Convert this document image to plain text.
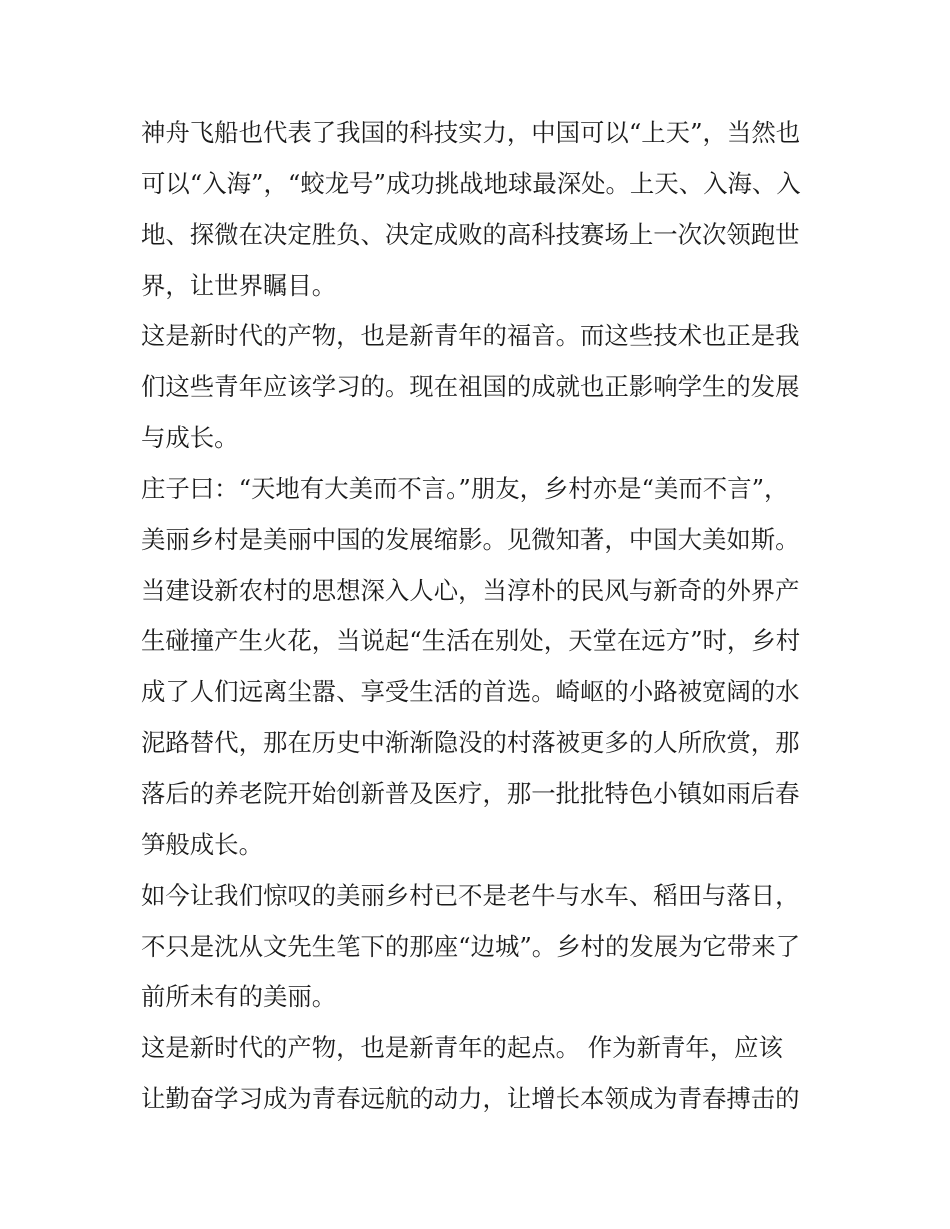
神舟飞船也代表了我国的科技实力，中国可以“上天”，当然也
可以“入海”，“蛟龙号”成功挑战地球最深处。上天、入海、入
地、探微在决定胜负、决定成败的高科技赛场上一次次领跑世
界，让世界瞩目。
这是新时代的产物，也是新青年的福音。而这些技术也正是我
们这些青年应该学习的。现在祖国的成就也正影响学生的发展
与成长。
庄子曰：“天地有大美而不言。”朋友，乡村亦是“美而不言”，
美丽乡村是美丽中国的发展缩影。见微知著，中国大美如斯。
当建设新农村的思想深入人心，当淳朴的民风与新奇的外界产
生碰撞产生火花，当说起“生活在别处，天堂在远方”时，乡村
成了人们远离尘嚣、享受生活的首选。崎岖的小路被宽阔的水
泥路替代，那在历史中渐渐隐没的村落被更多的人所欣赏，那
落后的养老院开始创新普及医疗，那一批批特色小镇如雨后春
笋般成长。
如今让我们惊叹的美丽乡村已不是老牛与水车、稻田与落日，
不只是沈从文先生笔下的那座“边城”。乡村的发展为它带来了
前所未有的美丽。
这是新时代的产物，也是新青年的起点。 作为新青年，应该
让勤奋学习成为青春远航的动力，让增长本领成为青春搏击的
